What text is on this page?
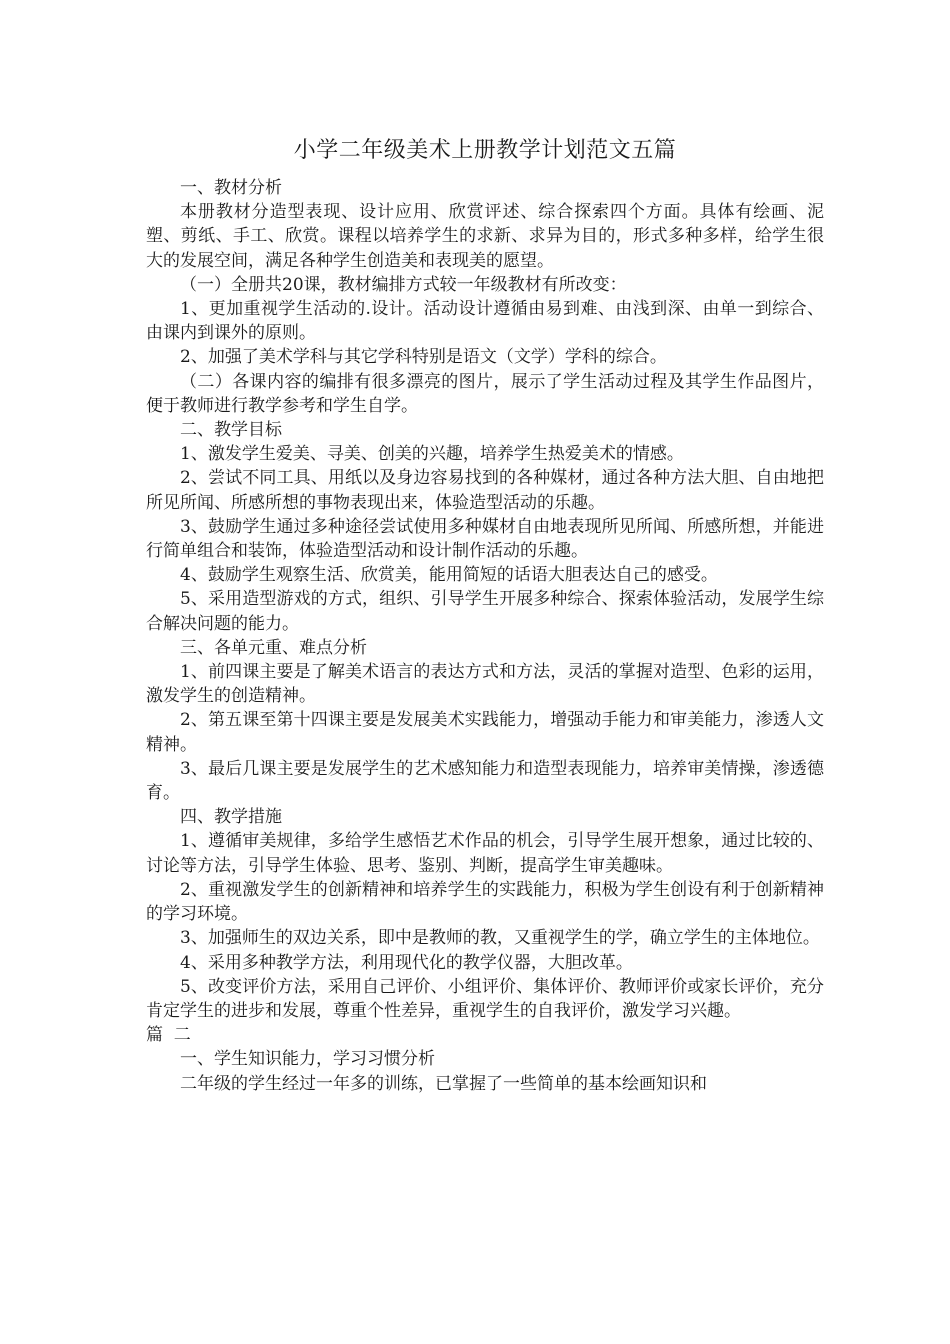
小学二年级美术上册教学计划范文五篇

一、教材分析

本册教材分造型表现、设计应用、欣赏评述、综合探索四个方面。具体有绘画、泥塑、剪纸、手工、欣赏。课程以培养学生的求新、求异为目的，形式多种多样，给学生很大的发展空间，满足各种学生创造美和表现美的愿望。

（一）全册共20课，教材编排方式较一年级教材有所改变：

1、更加重视学生活动的.设计。活动设计遵循由易到难、由浅到深、由单一到综合、由课内到课外的原则。

2、加强了美术学科与其它学科特别是语文（文学）学科的综合。

（二）各课内容的编排有很多漂亮的图片，展示了学生活动过程及其学生作品图片，便于教师进行教学参考和学生自学。

二、教学目标

1、激发学生爱美、寻美、创美的兴趣，培养学生热爱美术的情感。

2、尝试不同工具、用纸以及身边容易找到的各种媒材，通过各种方法大胆、自由地把所见所闻、所感所想的事物表现出来，体验造型活动的乐趣。

3、鼓励学生通过多种途径尝试使用多种媒材自由地表现所见所闻、所感所想，并能进行简单组合和装饰，体验造型活动和设计制作活动的乐趣。

4、鼓励学生观察生活、欣赏美，能用简短的话语大胆表达自己的感受。

5、采用造型游戏的方式，组织、引导学生开展多种综合、探索体验活动，发展学生综合解决问题的能力。

三、各单元重、难点分析

1、前四课主要是了解美术语言的表达方式和方法，灵活的掌握对造型、色彩的运用，激发学生的创造精神。

2、第五课至第十四课主要是发展美术实践能力，增强动手能力和审美能力，渗透人文精神。

3、最后几课主要是发展学生的艺术感知能力和造型表现能力，培养审美情操，渗透德育。

四、教学措施

1、遵循审美规律，多给学生感悟艺术作品的机会，引导学生展开想象，通过比较的、讨论等方法，引导学生体验、思考、鉴别、判断，提高学生审美趣味。

2、重视激发学生的创新精神和培养学生的实践能力，积极为学生创设有利于创新精神的学习环境。

3、加强师生的双边关系，即中是教师的教，又重视学生的学，确立学生的主体地位。

4、采用多种教学方法，利用现代化的教学仪器，大胆改革。

5、改变评价方法，采用自己评价、小组评价、集体评价、教师评价或家长评价，充分肯定学生的进步和发展，尊重个性差异，重视学生的自我评价，激发学习兴趣。

篇  二

一、学生知识能力，学习习惯分析

二年级的学生经过一年多的训练，已掌握了一些简单的基本绘画知识和
